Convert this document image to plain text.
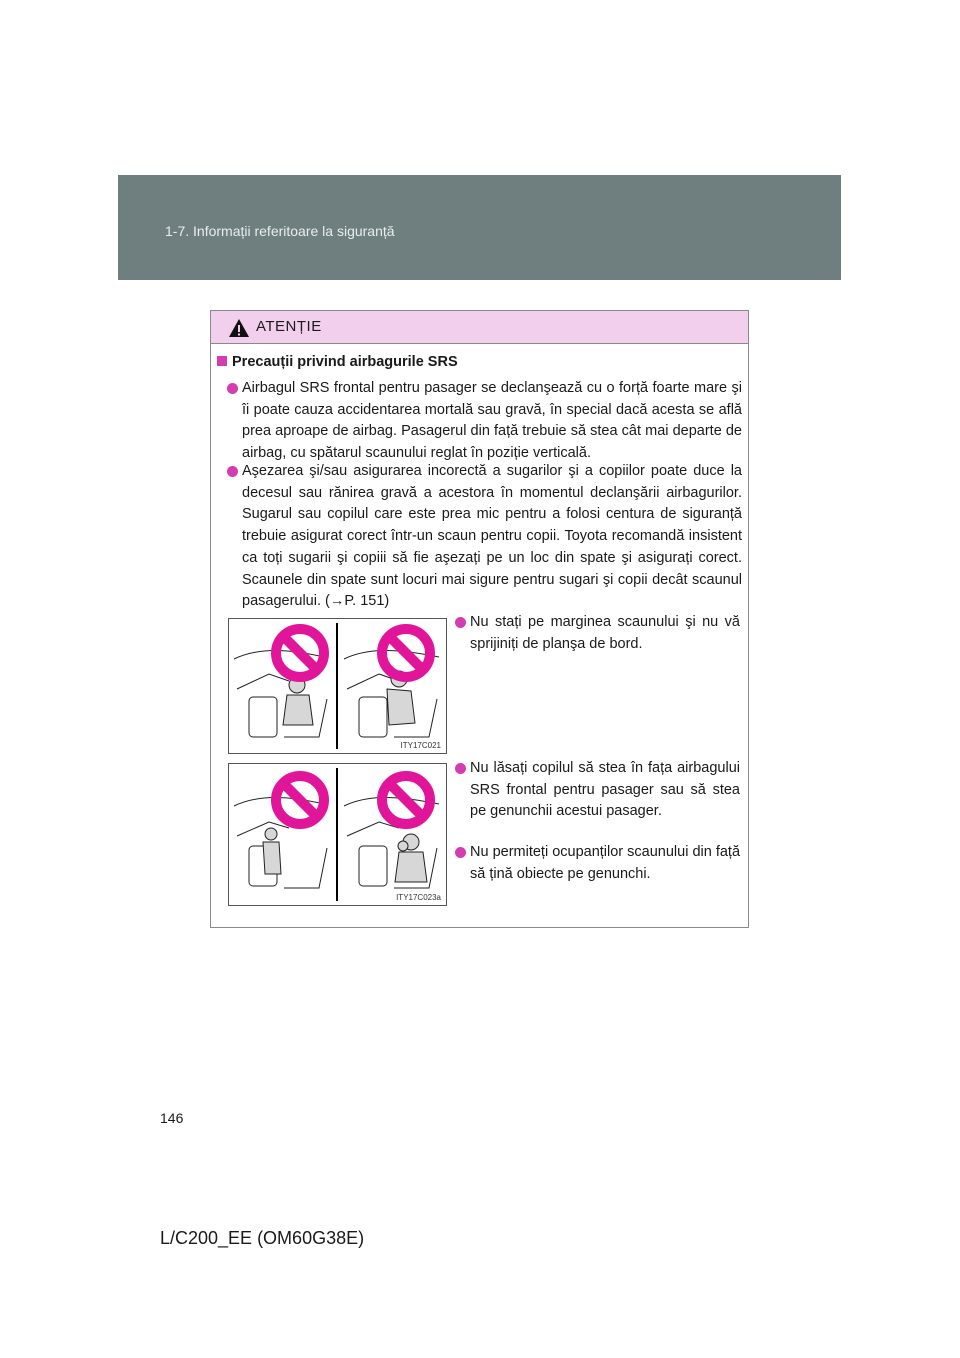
1-7. Informații referitoare la siguranță
ATENȚIE
Precauții privind airbagurile SRS
Airbagul SRS frontal pentru pasager se declanşează cu o forță foarte mare şi îi poate cauza accidentarea mortală sau gravă, în special dacă acesta se află prea aproape de airbag. Pasagerul din față trebuie să stea cât mai departe de airbag, cu spătarul scaunului reglat în poziție verticală.
Aşezarea şi/sau asigurarea incorectă a sugarilor şi a copiilor poate duce la decesul sau rănirea gravă a acestora în momentul declanşării airbagurilor. Sugarul sau copilul care este prea mic pentru a folosi centura de siguranță trebuie asigurat corect într-un scaun pentru copii. Toyota recomandă insistent ca toți sugarii şi copiii să fie aşezați pe un loc din spate şi asigurați corect. Scaunele din spate sunt locuri mai sigure pentru sugari şi copii decât scaunul pasagerului. (→P. 151)
ITY17C021
Nu stați pe marginea scaunului şi nu vă sprijiniți de planşa de bord.
ITY17C023a
Nu lăsați copilul să stea în fața airbagului SRS frontal pentru pasager sau să stea pe genunchii acestui pasager.
Nu permiteți ocupanților scaunului din față să țină obiecte pe genunchi.
146
L/C200_EE (OM60G38E)
